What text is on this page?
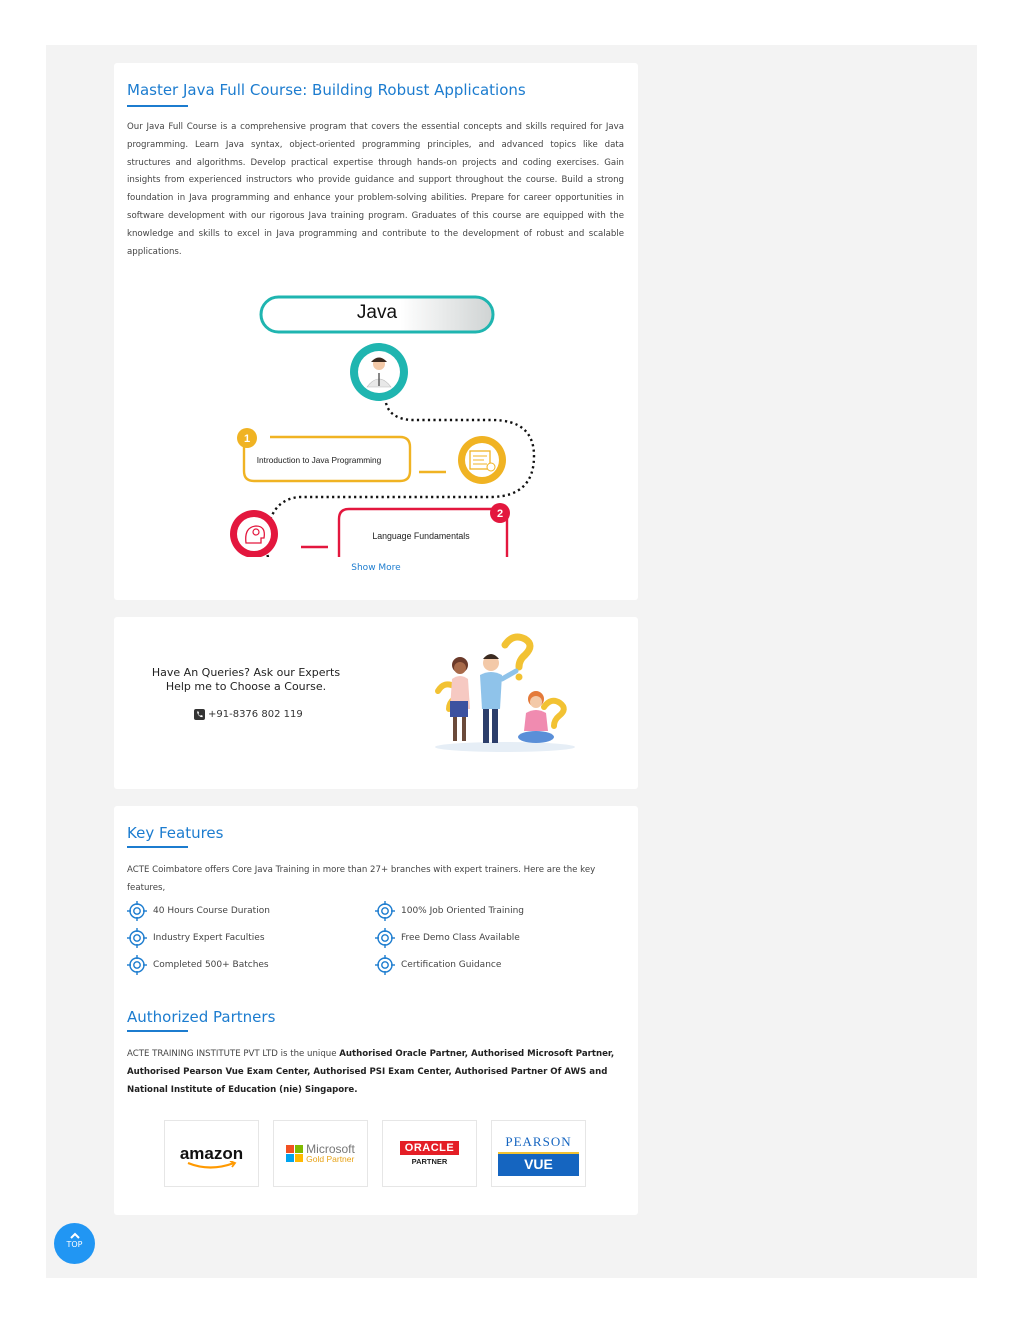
Master Java Full Course: Building Robust Applications

Our Java Full Course is a comprehensive program that covers the essential concepts and skills required for Java programming. Learn Java syntax, object-oriented programming principles, and advanced topics like data structures and algorithms. Develop practical expertise through hands-on projects and coding exercises. Gain insights from experienced instructors who provide guidance and support throughout the course. Build a strong foundation in Java programming and enhance your problem-solving abilities. Prepare for career opportunities in software development with our rigorous Java training program. Graduates of this course are equipped with the knowledge and skills to excel in Java programming and contribute to the development of robust and scalable applications.

1
Introduction to Java Programming
2
Language Fundamentals
Java
Show More
Have An Queries? Ask our Experts
Help me to Choose a Course.
+91-8376 802 119
Key Features

ACTE Coimbatore offers Core Java Training in more than 27+ branches with expert trainers. Here are the key features,

40 Hours Course Duration	100% Job Oriented Training
Industry Expert Faculties	Free Demo Class Available
Completed 500+ Batches	Certification Guidance
Authorized Partners

ACTE TRAINING INSTITUTE PVT LTD is the unique Authorised Oracle Partner, Authorised Microsoft Partner, Authorised Pearson Vue Exam Center, Authorised PSI Exam Center, Authorised Partner Of AWS and National Institute of Education (nie) Singapore.

amazon	Microsoft
Gold Partner
ORACLE
PARTNER
PEARSON
VUE
TOP
